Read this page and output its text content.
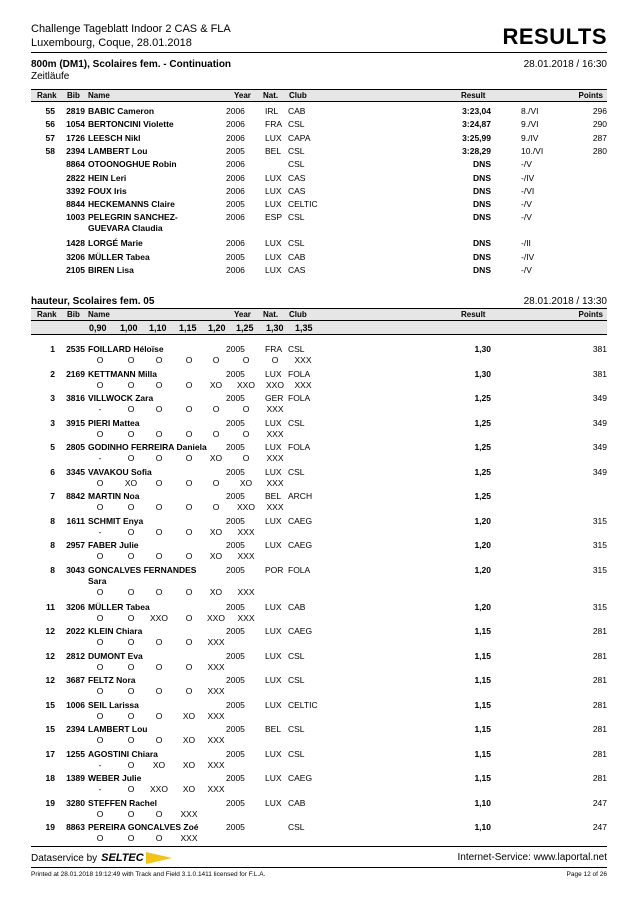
Challenge Tageblatt Indoor 2 CAS & FLA
Luxembourg, Coque, 28.01.2018	RESULTS
800m (DM1), Scolaires fem. - Continuation	28.01.2018 / 16:30
Zeitläufe
Rank Bib Name	Year Nat. Club	Result	Points
55	2819 BABIC Cameron	2006 IRL CAB	3:23,04	8./VI	296
56	1054 BERTONCINI Violette	2006 FRA CSL	3:24,87	9./VI	290
57	1726 LEESCH Nikl	2006 LUX CAPA	3:25,99	9./IV	287
58	2394 LAMBERT Lou	2005 BEL CSL	3:28,29	10./VI	280
8864 OTOONOGHUE Robin	2006	CSL	DNS	-/V
2822 HEIN Leri	2006 LUX CAS	DNS	-/IV
3392 FOUX Iris	2006 LUX CAS	DNS	-/VI
8844 HECKEMANNS Claire	2005 LUX CELTIC	DNS	-/V
1003 PELEGRIN SANCHEZ-
GUEVARA Claudia
2006 ESP CSL	DNS	-/V
1428 LORGÉ Marie	2006 LUX CSL	DNS	-/II
3206 MÜLLER Tabea	2005 LUX CAB	DNS	-/IV
2105 BIREN Lisa	2006 LUX CAS	DNS	-/V
hauteur, Scolaires fem. 05	28.01.2018 / 13:30
Rank Bib Name	Year Nat. Club	Result	Points
0,90 1,00 1,10 1,15 1,20 1,25 1,30 1,35
1	2535 FOILLARD Héloïse	2005 FRA CSL	1,30	381
O	O	O	O	O	O	O	XXX
2	2169 KETTMANN Milla	2005 LUX FOLA	1,30	381
O	O	O	O	XO	XXO	XXO	XXX
3	3816 VILLWOCK Zara	2005 GER FOLA	1,25	349
-	O	O	O	O	O	XXX
3	3915 PIERI Mattea	2005 LUX CSL	1,25	349
O	O	O	O	O	O	XXX
5	2805 GODINHO FERREIRA Daniela 2005 LUX FOLA	1,25	349
-	O	O	O	XO	O	XXX
6	3345 VAVAKOU Sofia	2005 LUX CSL	1,25	349
O	XO	O	O	O	XO	XXX
7	8842 MARTIN Noa	2005 BEL ARCH	1,25
O	O	O	O	O	XXO	XXX
8	1611 SCHMIT Enya	2005 LUX CAEG	1,20	315
-	O	O	O	XO	XXX
8	2957 FABER Julie	2005 LUX CAEG	1,20	315
O	O	O	O	XO	XXX
8	3043 GONCALVES FERNANDES
Sara
2005 POR FOLA	1,20	315
O	O	O	O	XO	XXX
11	3206 MÜLLER Tabea	2005 LUX CAB	1,20	315
O	O	XXO	O	XXO	XXX
12	2022 KLEIN Chiara	2005 LUX CAEG	1,15	281
O	O	O	O	XXX
12	2812 DUMONT Eva	2005 LUX CSL	1,15	281
O	O	O	O	XXX
12	3687 FELTZ Nora	2005 LUX CSL	1,15	281
O	O	O	O	XXX
15	1006 SEIL Larissa	2005 LUX CELTIC	1,15	281
O	O	O	XO	XXX
15	2394 LAMBERT Lou	2005 BEL CSL	1,15	281
O	O	O	XO	XXX
17	1255 AGOSTINI Chiara	2005 LUX CSL	1,15	281
-	O	XO	XO	XXX
18	1389 WEBER Julie	2005 LUX CAEG	1,15	281
-	O	XXO	XO	XXX
19	3280 STEFFEN Rachel	2005 LUX CAB	1,10	247
O	O	O	XXX
19	8863 PEREIRA GONCALVES Zoé	2005	CSL	1,10	247
O	O	O	XXX
Dataservice by SELTEC	Internet-Service: www.laportal.net
Printed at 28.01.2018 19:12:49 with Track and Field 3.1.0.1411 licensed for F.L.A.	Page 12 of 26
